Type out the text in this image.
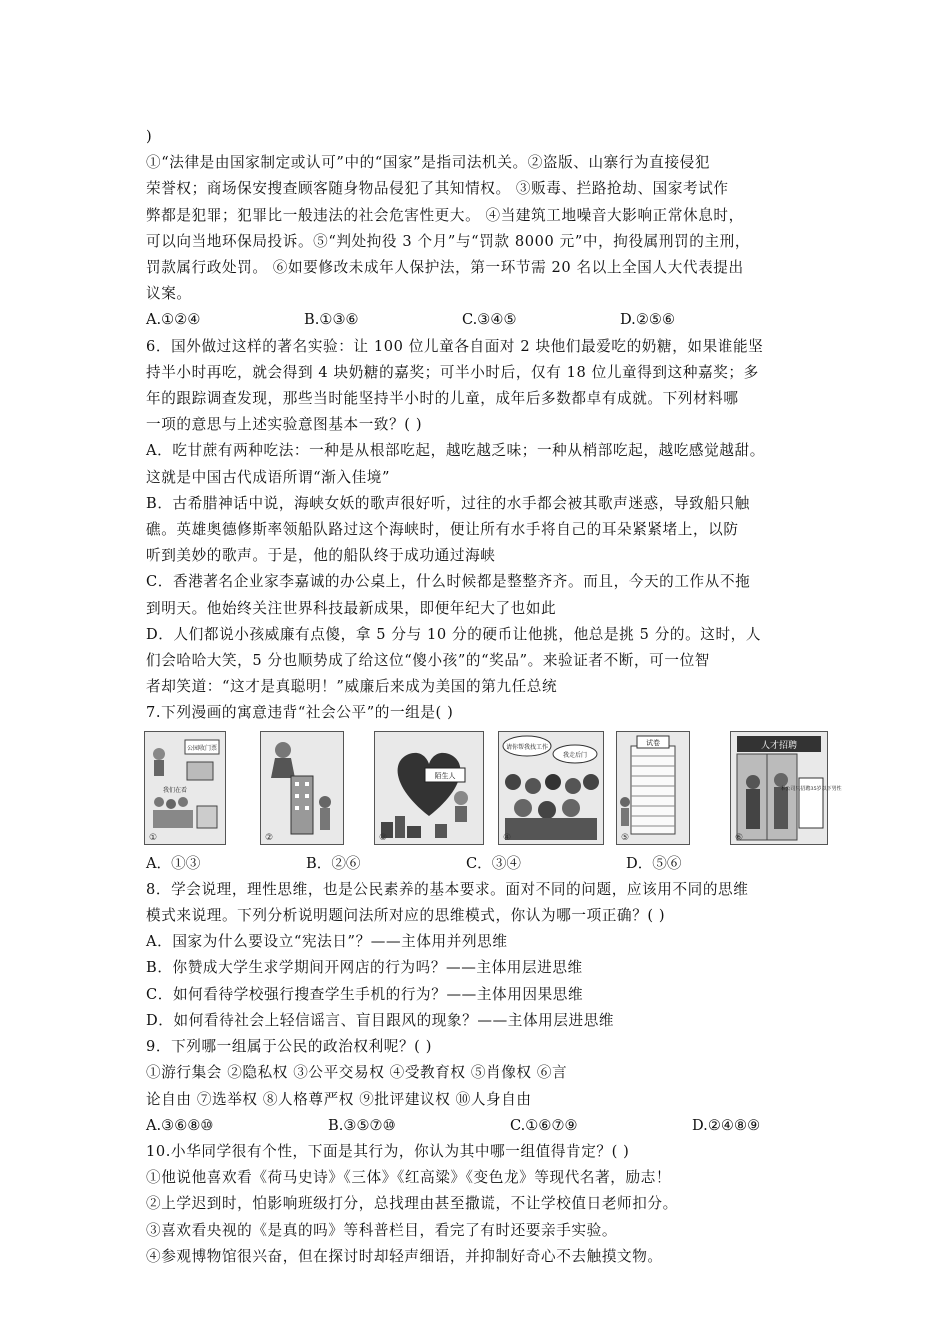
)
①“法律是由国家制定或认可”中的“国家”是指司法机关。②盗版、山寨行为直接侵犯
荣誉权；商场保安搜查顾客随身物品侵犯了其知情权。 ③贩毒、拦路抢劫、国家考试作
弊都是犯罪；犯罪比一般违法的社会危害性更大。 ④当建筑工地噪音大影响正常休息时，
可以向当地环保局投诉。⑤“判处拘役 3 个月”与“罚款 8000 元”中，拘役属刑罚的主刑，
罚款属行政处罚。 ⑥如要修改未成年人保护法，第一环节需 20 名以上全国人大代表提出
议案。
A.①②④	B.①③⑥	C.③④⑤	D.②⑤⑥
6．国外做过这样的著名实验：让 100 位儿童各自面对 2 块他们最爱吃的奶糖，如果谁能坚
持半小时再吃，就会得到 4 块奶糖的嘉奖；可半小时后，仅有 18 位儿童得到这种嘉奖；多
年的跟踪调查发现，那些当时能坚持半小时的儿童，成年后多数都卓有成就。下列材料哪
一项的意思与上述实验意图基本一致？( )
A．吃甘蔗有两种吃法：一种是从根部吃起，越吃越乏味；一种从梢部吃起，越吃感觉越甜。
这就是中国古代成语所谓“渐入佳境”
B．古希腊神话中说，海峡女妖的歌声很好听，过往的水手都会被其歌声迷惑，导致船只触
礁。英雄奥德修斯率领船队路过这个海峡时，便让所有水手将自己的耳朵紧紧堵上，以防
听到美妙的歌声。于是，他的船队终于成功通过海峡
C．香港著名企业家李嘉诚的办公桌上，什么时候都是整整齐齐。而且，今天的工作从不拖
到明天。他始终关注世界科技最新成果，即便年纪大了也如此
D．人们都说小孩威廉有点傻，拿 5 分与 10 分的硬币让他挑，他总是挑 5 分的。这时，人
们会哈哈大笑，5 分也顺势成了给这位“傻小孩”的“奖品”。来验证者不断，可一位智
者却笑道：“这才是真聪明！”威廉后来成为美国的第九任总统
7.下列漫画的寓意违背“社会公平”的一组是( )
公园收门票
我们在看
①	②
陌生人
③
请你帮我找工作
我走后门
④
试卷
⑤
人才招聘
本公司只招聘35岁以下男性
⑥
A．①③	B．②⑥	C．③④	D．⑤⑥
8．学会说理，理性思维，也是公民素养的基本要求。面对不同的问题，应该用不同的思维
模式来说理。下列分析说明题问法所对应的思维模式，你认为哪一项正确？( )
A．国家为什么要设立“宪法日”？——主体用并列思维
B．你赞成大学生求学期间开网店的行为吗？——主体用层进思维
C．如何看待学校强行搜查学生手机的行为？——主体用因果思维
D．如何看待社会上轻信谣言、盲目跟风的现象？——主体用层进思维
9．下列哪一组属于公民的政治权利呢？( )
①游行集会 ②隐私权 ③公平交易权 ④受教育权 ⑤肖像权 ⑥言
论自由 ⑦选举权 ⑧人格尊严权 ⑨批评建议权 ⑩人身自由
A.③⑥⑧⑩	B.③⑤⑦⑩	C.①⑥⑦⑨	D.②④⑧⑨
10.小华同学很有个性，下面是其行为，你认为其中哪一组值得肯定？( )
①他说他喜欢看《荷马史诗》《三体》《红高粱》《变色龙》等现代名著，励志！
②上学迟到时，怕影响班级打分，总找理由甚至撒谎，不让学校值日老师扣分。
③喜欢看央视的《是真的吗》等科普栏目，看完了有时还要亲手实验。
④参观博物馆很兴奋，但在探讨时却轻声细语，并抑制好奇心不去触摸文物。
